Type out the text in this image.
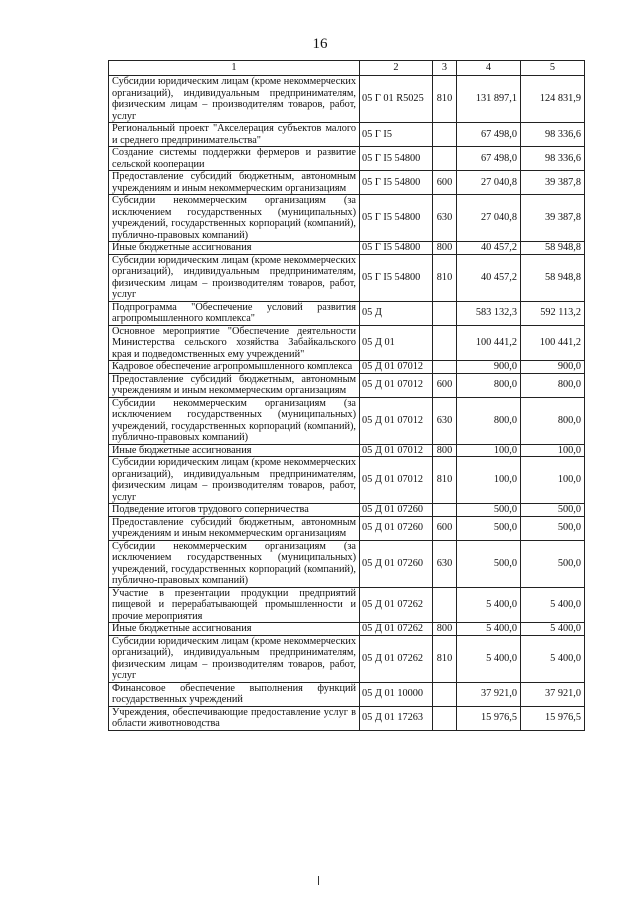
16
1	2	3	4	5
Субсидии юридическим лицам (кроме некоммерческих организаций), индивидуальным предпринимателям, физическим лицам – производителям товаров, работ, услуг	05 Г 01 R5025	810	131 897,1	124 831,9
Региональный проект "Акселерация субъектов малого и среднего предпринимательства"	05 Г I5		67 498,0	98 336,6
Создание системы поддержки фермеров и развитие сельской кооперации	05 Г I5 54800		67 498,0	98 336,6
Предоставление субсидий бюджетным, автономным учреждениям и иным некоммерческим организациям	05 Г I5 54800	600	27 040,8	39 387,8
Субсидии некоммерческим организациям (за исключением государственных (муниципальных) учреждений, государственных корпораций (компаний), публично-правовых компаний)	05 Г I5 54800	630	27 040,8	39 387,8
Иные бюджетные ассигнования	05 Г I5 54800	800	40 457,2	58 948,8
Субсидии юридическим лицам (кроме некоммерческих организаций), индивидуальным предпринимателям, физическим лицам – производителям товаров, работ, услуг	05 Г I5 54800	810	40 457,2	58 948,8
Подпрограмма "Обеспечение условий развития агропромышленного комплекса"	05 Д		583 132,3	592 113,2
Основное мероприятие "Обеспечение деятельности Министерства сельского хозяйства Забайкальского края и подведомственных ему учреждений"	05 Д 01		100 441,2	100 441,2
Кадровое обеспечение агропромышленного комплекса	05 Д 01 07012		900,0	900,0
Предоставление субсидий бюджетным, автономным учреждениям и иным некоммерческим организациям	05 Д 01 07012	600	800,0	800,0
Субсидии некоммерческим организациям (за исключением государственных (муниципальных) учреждений, государственных корпораций (компаний), публично-правовых компаний)	05 Д 01 07012	630	800,0	800,0
Иные бюджетные ассигнования	05 Д 01 07012	800	100,0	100,0
Субсидии юридическим лицам (кроме некоммерческих организаций), индивидуальным предпринимателям, физическим лицам – производителям товаров, работ, услуг	05 Д 01 07012	810	100,0	100,0
Подведение итогов трудового соперничества	05 Д 01 07260		500,0	500,0
Предоставление субсидий бюджетным, автономным учреждениям и иным некоммерческим организациям	05 Д 01 07260	600	500,0	500,0
Субсидии некоммерческим организациям (за исключением государственных (муниципальных) учреждений, государственных корпораций (компаний), публично-правовых компаний)	05 Д 01 07260	630	500,0	500,0
Участие в презентации продукции предприятий пищевой и перерабатывающей промышленности и прочие мероприятия	05 Д 01 07262		5 400,0	5 400,0
Иные бюджетные ассигнования	05 Д 01 07262	800	5 400,0	5 400,0
Субсидии юридическим лицам (кроме некоммерческих организаций), индивидуальным предпринимателям, физическим лицам – производителям товаров, работ, услуг	05 Д 01 07262	810	5 400,0	5 400,0
Финансовое обеспечение выполнения функций государственных учреждений	05 Д 01 10000		37 921,0	37 921,0
Учреждения, обеспечивающие предоставление услуг в области животноводства	05 Д 01 17263		15 976,5	15 976,5
